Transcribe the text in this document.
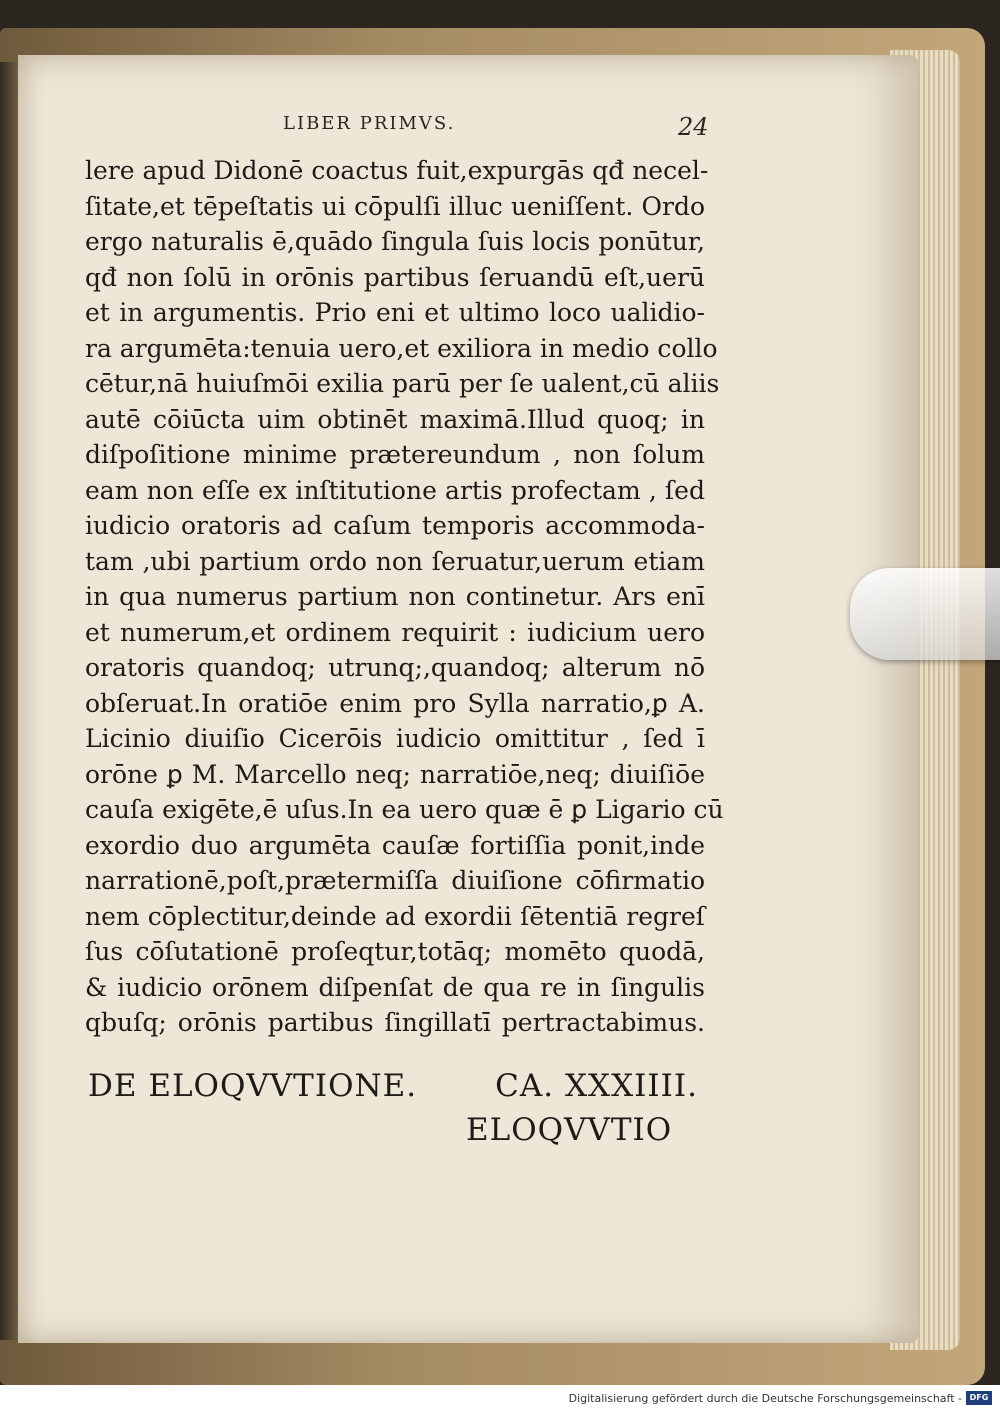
LIBER PRIMVS.	24
lere apud Didonē coactus fuit,expurgās qđ necel-
ſitate,et tēpeſtatis ui cōpulſi illuc ueniſſent. Ordo
ergo naturalis ē,quādo ſingula ſuis locis ponūtur,
qđ non ſolū in orōnis partibus ſeruandū eſt,uerū
et in argumentis. Prio eni et ultimo loco ualidio-
ra argumēta:tenuia uero,et exiliora in medio collo
cētur,nā huiuſmōi exilia parū per ſe ualent,cū aliis
autē cōiūcta uim obtinēt maximā.Illud quoq; in
diſpoſitione minime prætereundum , non ſolum
eam non eſſe ex inſtitutione artis profectam , ſed
iudicio oratoris ad caſum temporis accommoda-
tam ,ubi partium ordo non ſeruatur,uerum etiam
in qua numerus partium non continetur. Ars enī
et numerum,et ordinem requirit : iudicium uero
oratoris quandoq; utrunq;,quandoq; alterum nō
obſeruat.In oratiōe enim pro Sylla narratio,ꝑ A.
Licinio diuiſio Cicerōis iudicio omittitur , ſed ī
orōne ꝑ M. Marcello neq; narratiōe,neq; diuiſiōe
cauſa exigēte,ē uſus.In ea uero quæ ē ꝑ Ligario cū
exordio duo argumēta cauſæ fortiſſia ponit,inde
narrationē,poſt,prætermiſſa diuiſione cōfirmatio
nem cōplectitur,deinde ad exordii ſētentiā regreſ
ſus cōſutationē proſeqtur,totāq; momēto quodā,
& iudicio orōnem diſpenſat de qua re in ſingulis
qbuſq; orōnis partibus ſingillatī pertractabimus.
DE ELOQVVTIONE.	CA. XXXIIII.
ELOQVVTIO
Digitalisierung gefördert durch die Deutsche Forschungsgemeinschaft - DFG
